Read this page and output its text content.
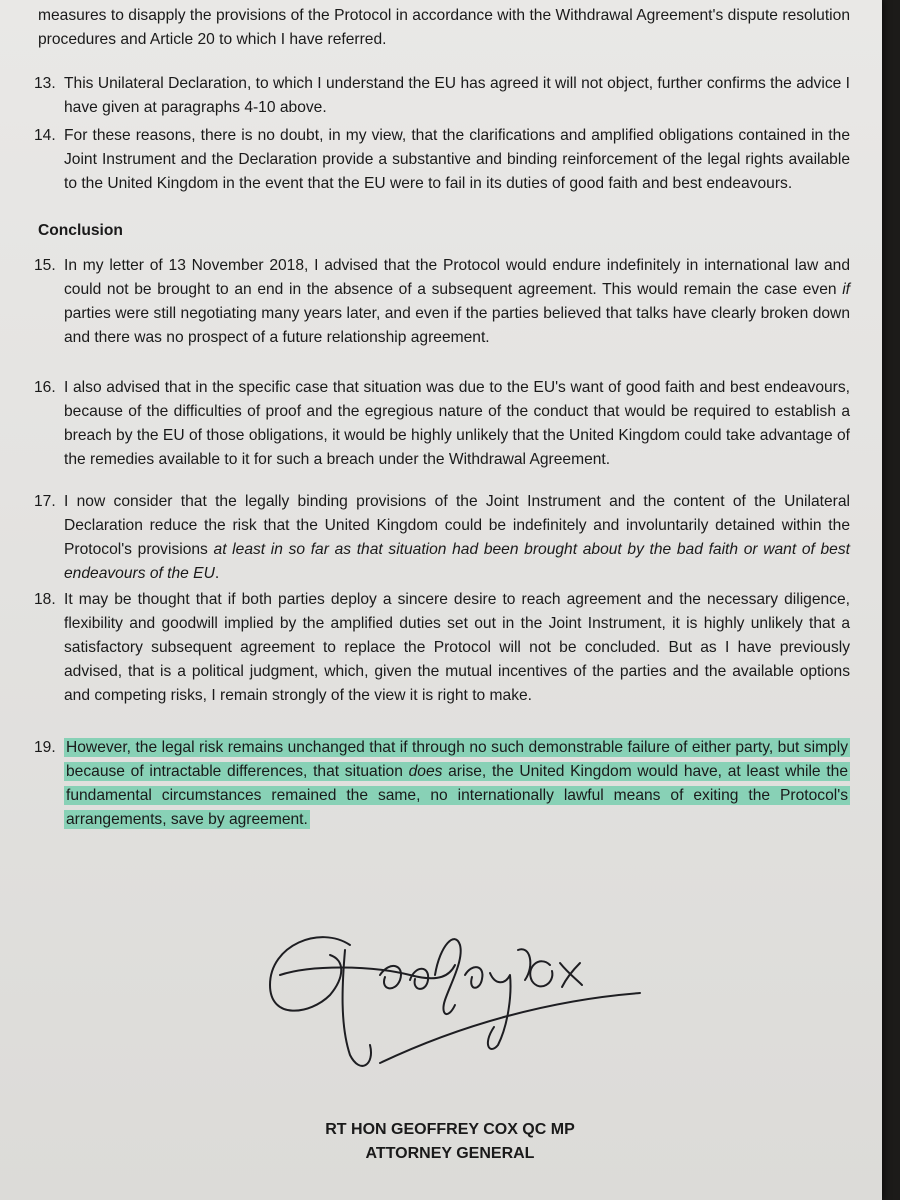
measures to disapply the provisions of the Protocol in accordance with the Withdrawal Agreement's dispute resolution procedures and Article 20 to which I have referred.
13. This Unilateral Declaration, to which I understand the EU has agreed it will not object, further confirms the advice I have given at paragraphs 4-10 above.
14. For these reasons, there is no doubt, in my view, that the clarifications and amplified obligations contained in the Joint Instrument and the Declaration provide a substantive and binding reinforcement of the legal rights available to the United Kingdom in the event that the EU were to fail in its duties of good faith and best endeavours.
Conclusion
15. In my letter of 13 November 2018, I advised that the Protocol would endure indefinitely in international law and could not be brought to an end in the absence of a subsequent agreement. This would remain the case even if parties were still negotiating many years later, and even if the parties believed that talks have clearly broken down and there was no prospect of a future relationship agreement.
16. I also advised that in the specific case that situation was due to the EU's want of good faith and best endeavours, because of the difficulties of proof and the egregious nature of the conduct that would be required to establish a breach by the EU of those obligations, it would be highly unlikely that the United Kingdom could take advantage of the remedies available to it for such a breach under the Withdrawal Agreement.
17. I now consider that the legally binding provisions of the Joint Instrument and the content of the Unilateral Declaration reduce the risk that the United Kingdom could be indefinitely and involuntarily detained within the Protocol's provisions at least in so far as that situation had been brought about by the bad faith or want of best endeavours of the EU.
18. It may be thought that if both parties deploy a sincere desire to reach agreement and the necessary diligence, flexibility and goodwill implied by the amplified duties set out in the Joint Instrument, it is highly unlikely that a satisfactory subsequent agreement to replace the Protocol will not be concluded. But as I have previously advised, that is a political judgment, which, given the mutual incentives of the parties and the available options and competing risks, I remain strongly of the view it is right to make.
19. However, the legal risk remains unchanged that if through no such demonstrable failure of either party, but simply because of intractable differences, that situation does arise, the United Kingdom would have, at least while the fundamental circumstances remained the same, no internationally lawful means of exiting the Protocol's arrangements, save by agreement.
RT HON GEOFFREY COX QC MP
ATTORNEY GENERAL
